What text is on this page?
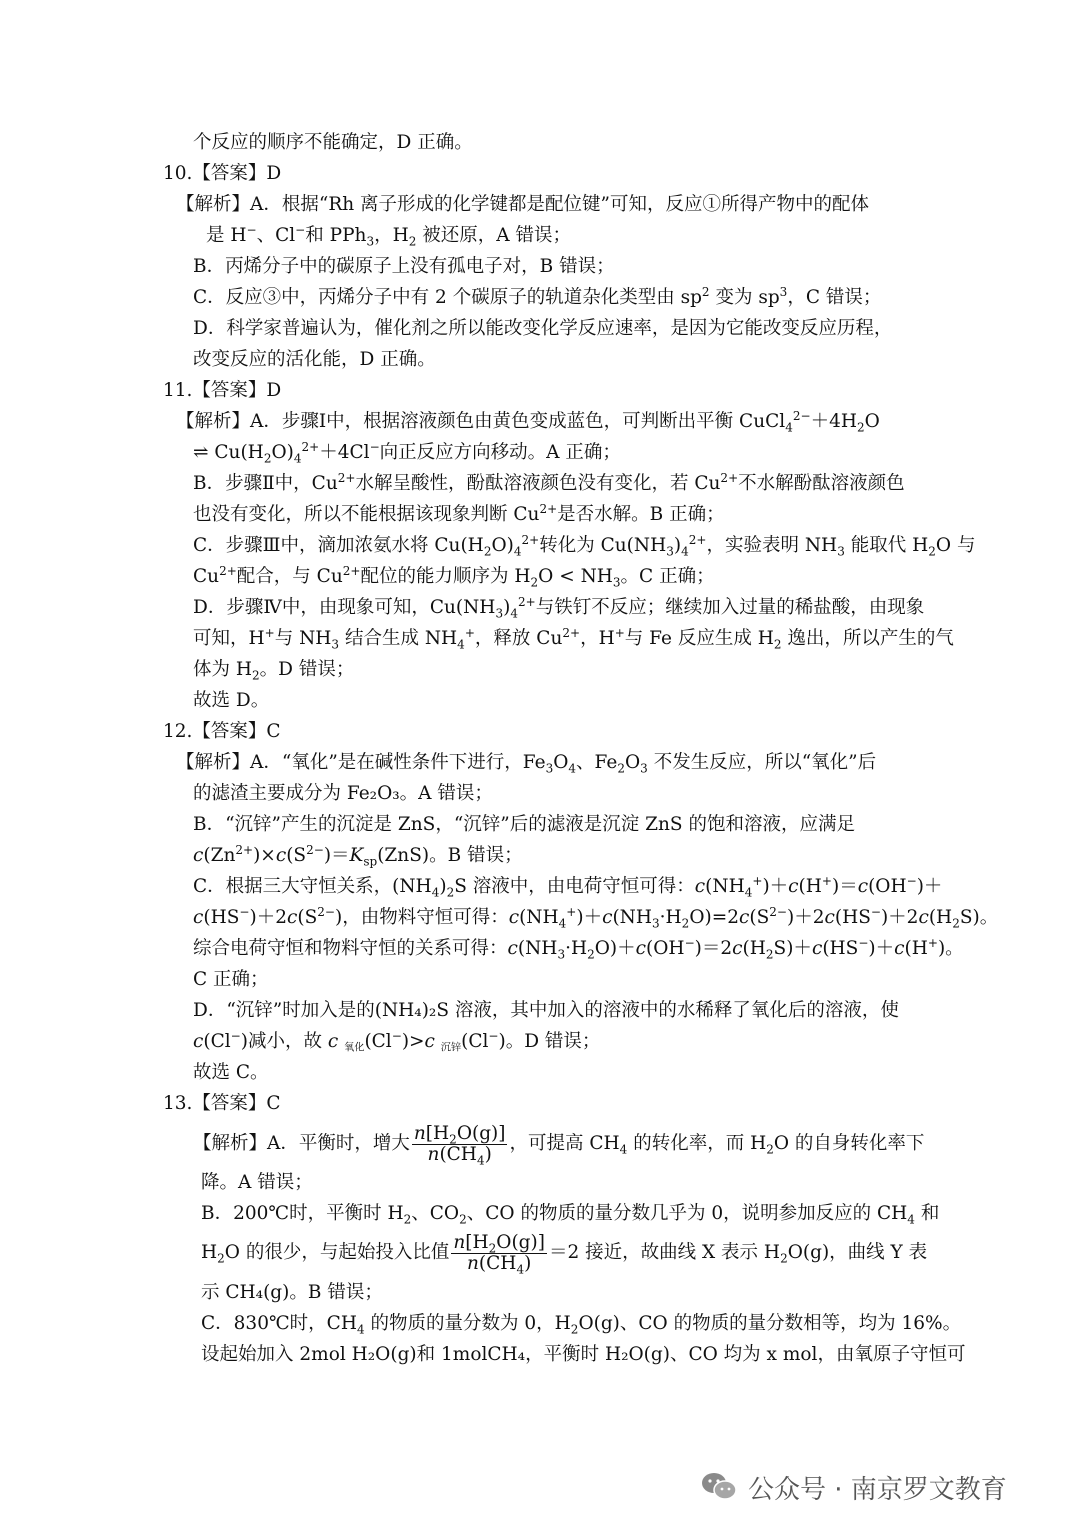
个反应的顺序不能确定，D 正确。
10.【答案】D
【解析】A．根据“Rh 离子形成的化学键都是配位键”可知，反应①所得产物中的配体
是 H−、Cl−和 PPh$_3$，$H_2$ 被还原，A 错误；
B．丙烯分子中的碳原子上没有孤电子对，B 错误；
C．反应③中，丙烯分子中有 2 个碳原子的轨道杂化类型由 $sp^2$ 变为 $sp^3$，C 错误；
D．科学家普遍认为，催化剂之所以能改变化学反应速率，是因为它能改变反应历程，
改变反应的活化能，D 正确。
11.【答案】D
【解析】A．步骤Ⅰ中，根据溶液颜色由黄色变成蓝色，可判断出平衡 $CuCl_4^{2-}+4H_2O$
⇌ $Cu(H_2O)_4^{2+}+4Cl^-$向正反应方向移动。A 正确；
B．步骤Ⅱ中，$Cu^{2+}$水解呈酸性，酚酞溶液颜色没有变化，若 $Cu^{2+}$不水解酚酞溶液颜色
也没有变化，所以不能根据该现象判断 $Cu^{2+}$是否水解。B 正确；
C．步骤Ⅲ中，滴加浓氨水将 $Cu(H_2O)_4^{2+}$转化为 $Cu(NH_3)_4^{2+}$，实验表明 $NH_3$ 能取代 $H_2O$ 与
$Cu^{2+}$配合，与 $Cu^{2+}$配位的能力顺序为 $H_2O < NH_3$。C 正确；
D．步骤Ⅳ中，由现象可知，$Cu(NH_3)_4^{2+}$与铁钉不反应；继续加入过量的稀盐酸，由现象
可知，H+与 $NH_3$ 结合生成 $NH_4^+$，释放 $Cu^{2+}$，H+与 Fe 反应生成 $H_2$ 逸出，所以产生的气
体为 $H_2$。D 错误；
故选 D。
12.【答案】C
【解析】A．“氧化”是在碱性条件下进行，$Fe_3O_4$、$Fe_2O_3$ 不发生反应，所以“氧化”后
的滤渣主要成分为 Fe₂O₃。A 错误；
B．“沉锌”产生的沉淀是 ZnS，“沉锌”后的滤液是沉淀 ZnS 的饱和溶液，应满足
$c(Zn^{2+})\times c(S^{2-})=K_{sp}(ZnS)$。B 错误；
C．根据三大守恒关系，$(NH_4)_2S$ 溶液中，由电荷守恒可得：$c(NH_4^+)+c(H^+)=c(OH^-)+$
$c(HS^-)+2c(S^{2-})$，由物料守恒可得：$c(NH_4^+)+c(NH_3\cdot H_2O)=2c(S^{2-})+2c(HS^-)+2c(H_2S)$。
综合电荷守恒和物料守恒的关系可得：$c(NH_3\cdot H_2O)+c(OH^-)=2c(H_2S)+c(HS^-)+c(H^+)$。
C 正确；
D．“沉锌”时加入是的(NH₄)₂S 溶液，其中加入的溶液中的水稀释了氧化后的溶液，使
c(Cl−)减小，故 c 氧化(Cl−)>c 沉锌(Cl−)。D 错误；
故选 C。
13.【答案】C
【解析】A．平衡时，增大 $\frac{n[H_2O(g)]}{n(CH_4)}$ ，可提高 $CH_4$ 的转化率，而 $H_2O$ 的自身转化率下
降。A 错误；
B．200℃时，平衡时 $H_2$、$CO_2$、CO 的物质的量分数几乎为 0，说明参加反应的 $CH_4$ 和
$H_2O$ 的很少，与起始投入比值 $\frac{n[H_2O(g)]}{n(CH_4)} =2$ 接近，故曲线 X 表示 $H_2O(g)$，曲线 Y 表
示 CH₄(g)。B 错误；
C．830℃时，$CH_4$ 的物质的量分数为 0，$H_2O(g)$、CO 的物质的量分数相等，均为 16%。
设起始加入 2mol H₂O(g)和 1molCH₄，平衡时 H₂O(g)、CO 均为 x mol，由氧原子守恒可
公众号 · 南京罗文教育
